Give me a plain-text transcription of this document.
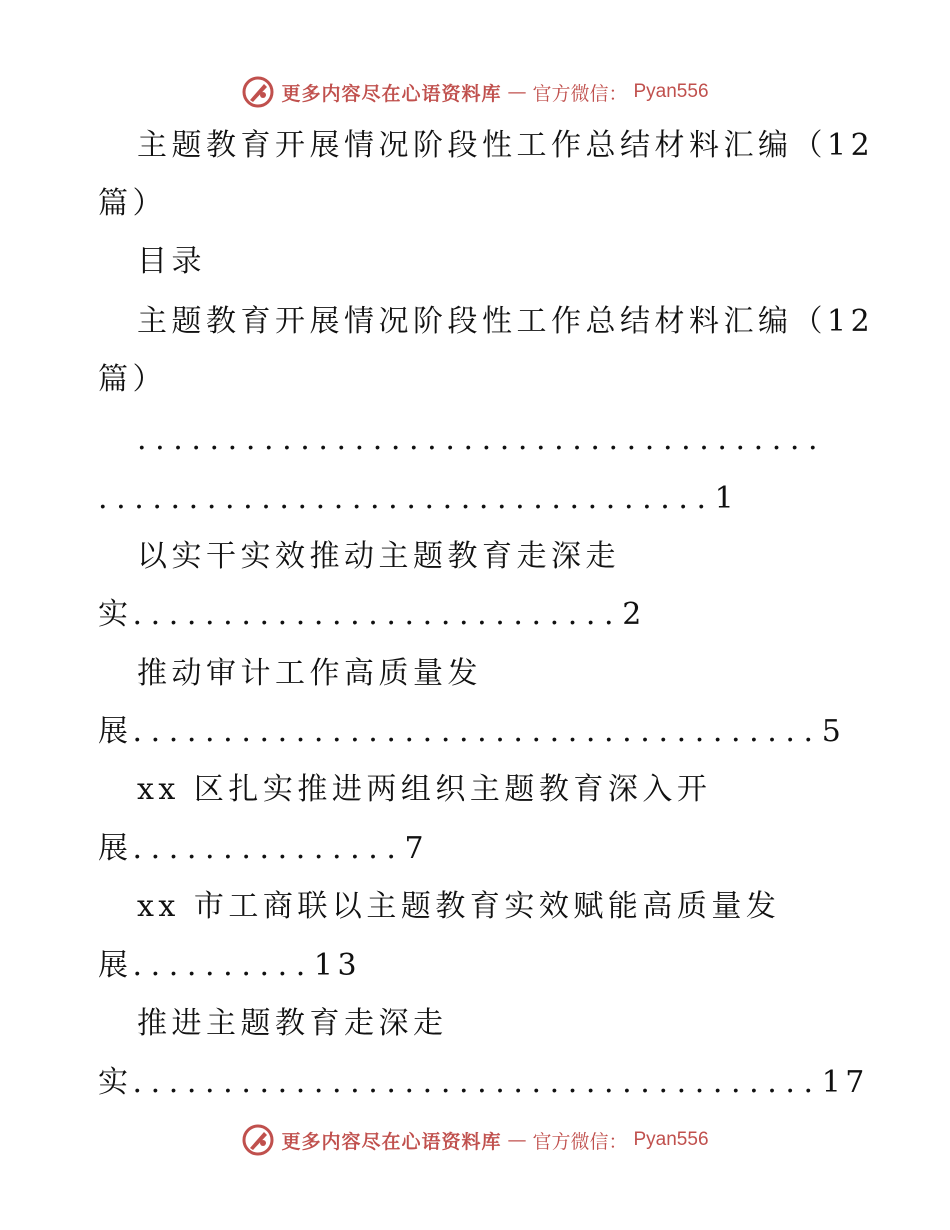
更多内容尽在心语资料库 — 官方微信： Pyan556
主题教育开展情况阶段性工作总结材料汇编（12
篇）
目录
主题教育开展情况阶段性工作总结材料汇编（12
篇）
......................................
..................................1
以实干实效推动主题教育走深走
实...........................2
推动审计工作高质量发
展......................................5
xx 区扎实推进两组织主题教育深入开
展...............7
xx 市工商联以主题教育实效赋能高质量发
展..........13
推进主题教育走深走
实......................................17
更多内容尽在心语资料库 — 官方微信： Pyan556
